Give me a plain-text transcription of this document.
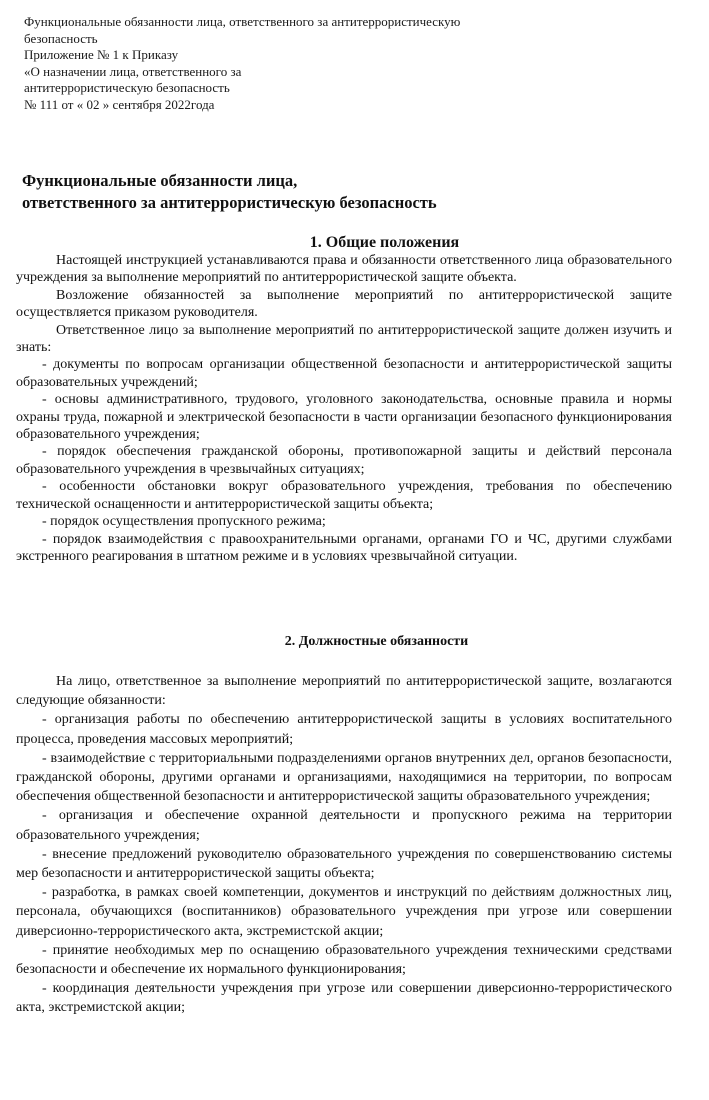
Функциональные обязанности лица, ответственного за антитеррористическую
безопасность
Приложение № 1 к Приказу
«О назначении лица, ответственного за
антитеррористическую безопасность
№ 111 от « 02 » сентября 2022года
Функциональные обязанности лица,
ответственного за антитеррористическую безопасность
1. Общие положения

Настоящей инструкцией устанавливаются права и обязанности ответственного лица образовательного учреждения за выполнение мероприятий по антитеррористической защите объекта.

Возложение обязанностей за выполнение мероприятий по антитеррористической защите осуществляется приказом руководителя.

Ответственное лицо за выполнение мероприятий по антитеррористической защите должен изучить и знать:

- документы по вопросам организации общественной безопасности и антитеррористической защиты образовательных учреждений;

- основы административного, трудового, уголовного законодательства, основные правила и нормы охраны труда, пожарной и электрической безопасности в части организации безопасного функционирования образовательного учреждения;

- порядок обеспечения гражданской обороны, противопожарной защиты и действий персонала образовательного учреждения в чрезвычайных ситуациях;

- особенности обстановки вокруг образовательного учреждения, требования по обеспечению технической оснащенности и антитеррористической защиты объекта;

- порядок осуществления пропускного режима;

- порядок взаимодействия с правоохранительными органами, органами ГО и ЧС, другими службами экстренного реагирования в штатном режиме и в условиях чрезвычайной ситуации.

2. Должностные обязанности

На лицо, ответственное за выполнение мероприятий по антитеррористической защите, возлагаются следующие обязанности:

- организация работы по обеспечению антитеррористической защиты в условиях воспитательного процесса, проведения массовых мероприятий;

- взаимодействие с территориальными подразделениями органов внутренних дел, органов безопасности, гражданской обороны, другими органами и организациями, находящимися на территории, по вопросам обеспечения общественной безопасности и антитеррористической защиты образовательного учреждения;

- организация и обеспечение охранной деятельности и пропускного режима на территории образовательного учреждения;

- внесение предложений руководителю образовательного учреждения по совершенствованию системы мер безопасности и антитеррористической защиты объекта;

- разработка, в рамках своей компетенции, документов и инструкций по действиям должностных лиц, персонала, обучающихся (воспитанников) образовательного учреждения при угрозе или совершении диверсионно-террористического акта, экстремистской акции;

- принятие необходимых мер по оснащению образовательного учреждения техническими средствами безопасности и обеспечение их нормального функционирования;

- координация деятельности учреждения при угрозе или совершении диверсионно-террористического акта, экстремистской акции;
